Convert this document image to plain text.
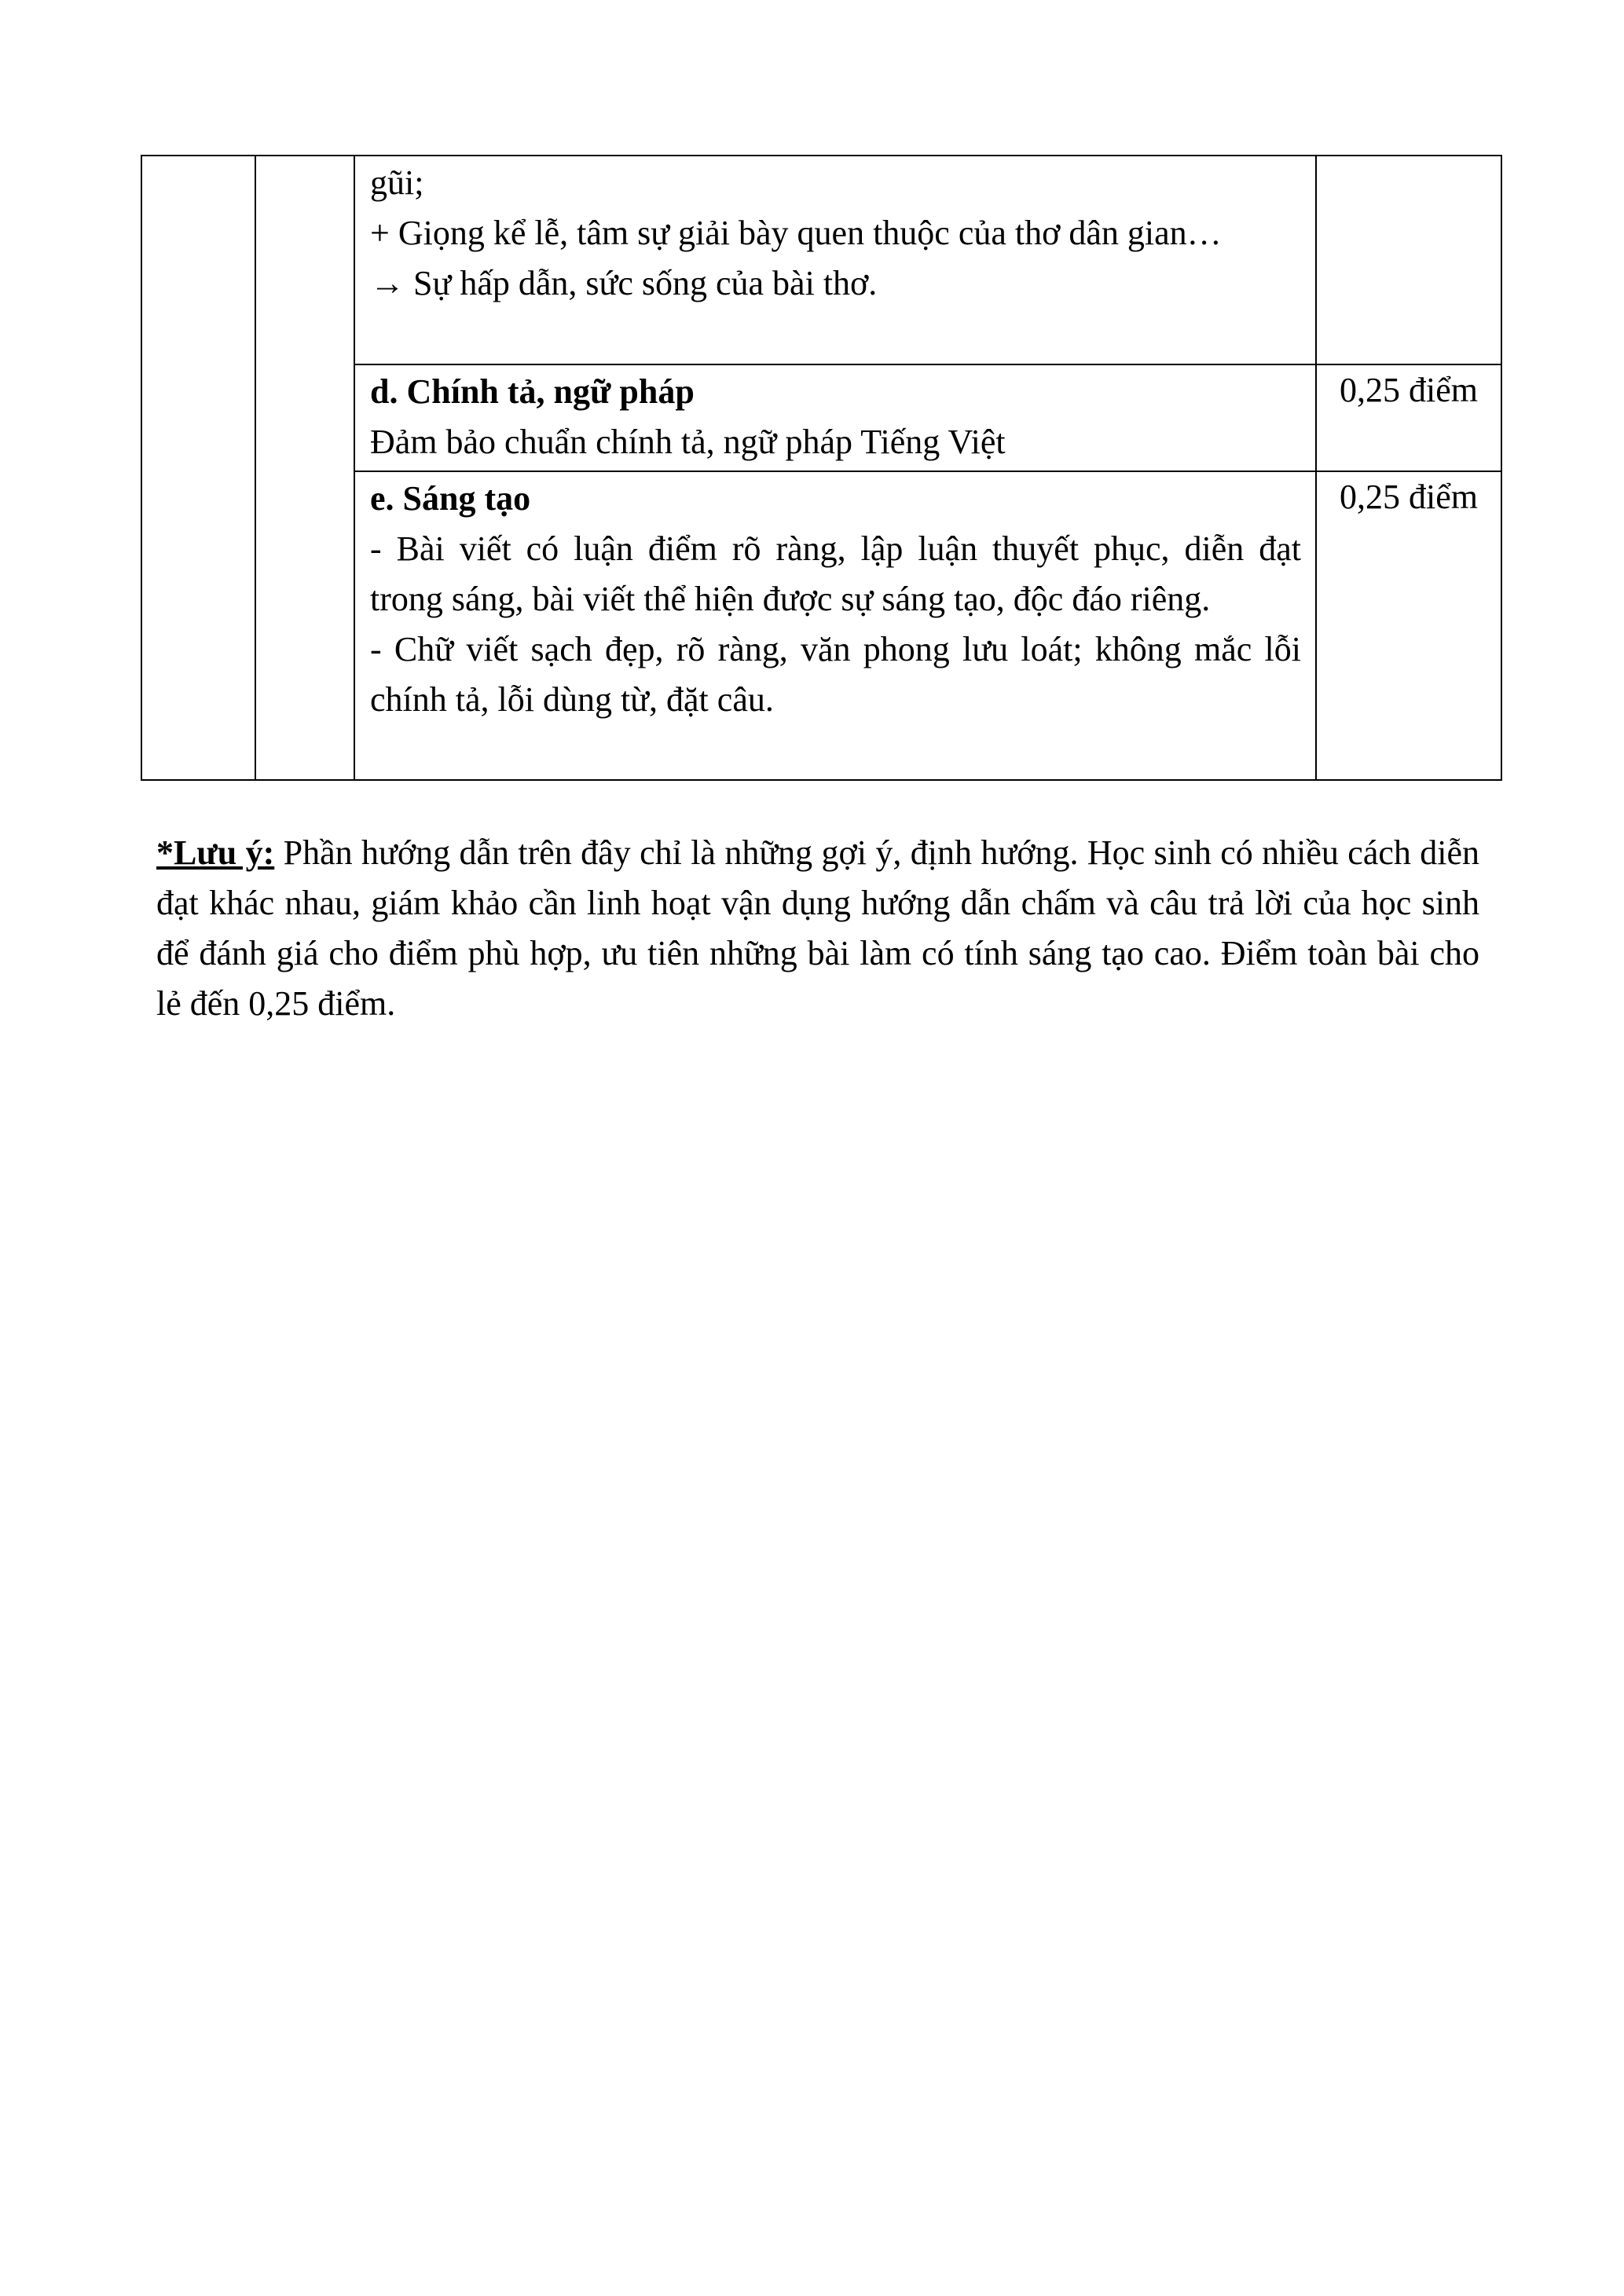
		gũi;

+ Giọng kể lễ, tâm sự giải bày quen thuộc của thơ dân gian…

→ Sự hấp dẫn, sức sống của bài thơ.	

		d. Chính tả, ngữ pháp

Đảm bảo chuẩn chính tả, ngữ pháp Tiếng Việt	0,25 điểm

		e. Sáng tạo

- Bài viết có luận điểm rõ ràng, lập luận thuyết phục, diễn đạt trong sáng, bài viết thể hiện được sự sáng tạo, độc đáo riêng.

- Chữ viết sạch đẹp, rõ ràng, văn phong lưu loát; không mắc lỗi chính tả, lỗi dùng từ, đặt câu.	0,25 điểm

*Lưu ý: Phần hướng dẫn trên đây chỉ là những gợi ý, định hướng. Học sinh có nhiều cách diễn đạt khác nhau, giám khảo cần linh hoạt vận dụng hướng dẫn chấm và câu trả lời của học sinh để đánh giá cho điểm phù hợp, ưu tiên những bài làm có tính sáng tạo cao. Điểm toàn bài cho lẻ đến 0,25 điểm.
